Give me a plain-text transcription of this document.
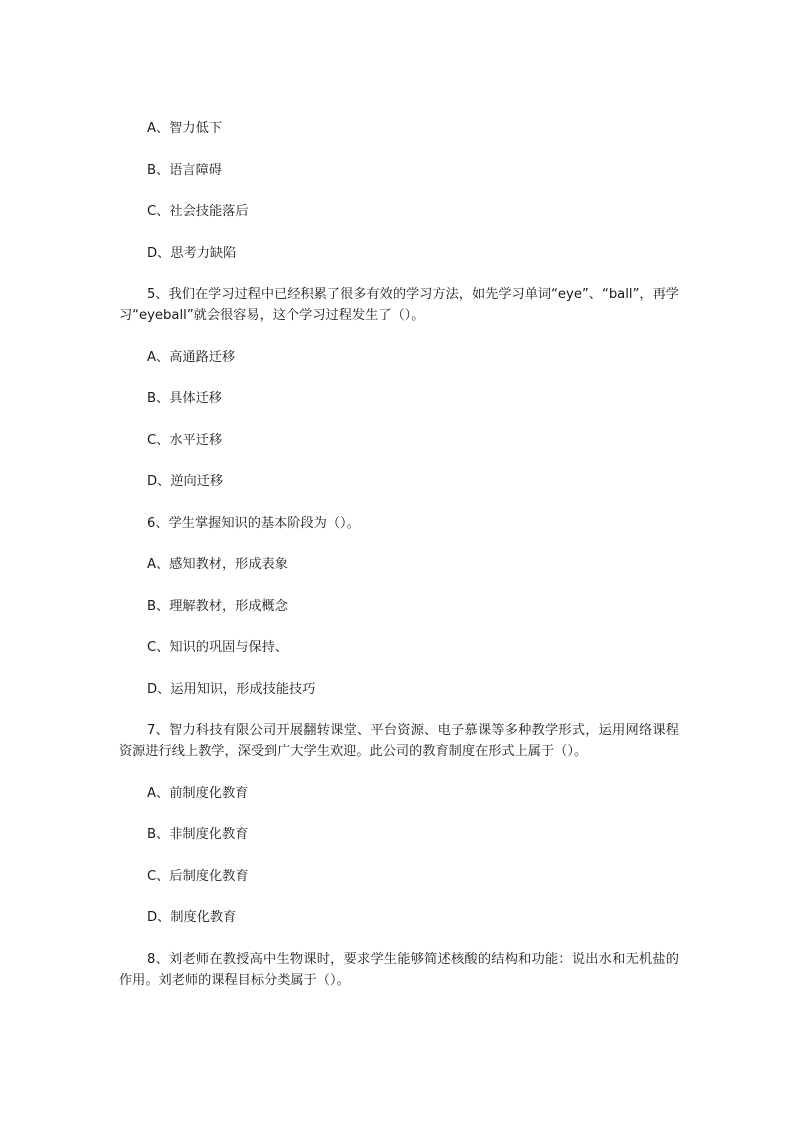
A、智力低下

B、语言障碍

C、社会技能落后

D、思考力缺陷

5、我们在学习过程中已经积累了很多有效的学习方法，如先学习单词“eye”、“ball”，再学习“eyeball”就会很容易，这个学习过程发生了（）。

A、高通路迁移

B、具体迁移

C、水平迁移

D、逆向迁移

6、学生掌握知识的基本阶段为（）。

A、感知教材，形成表象

B、理解教材，形成概念

C、知识的巩固与保持、

D、运用知识，形成技能技巧

7、智力科技有限公司开展翻转课堂、平台资源、电子慕课等多种教学形式，运用网络课程资源进行线上教学，深受到广大学生欢迎。此公司的教育制度在形式上属于（）。

A、前制度化教育

B、非制度化教育

C、后制度化教育

D、制度化教育

8、刘老师在教授高中生物课时，要求学生能够简述核酸的结构和功能：说出水和无机盐的作用。刘老师的课程目标分类属于（）。
